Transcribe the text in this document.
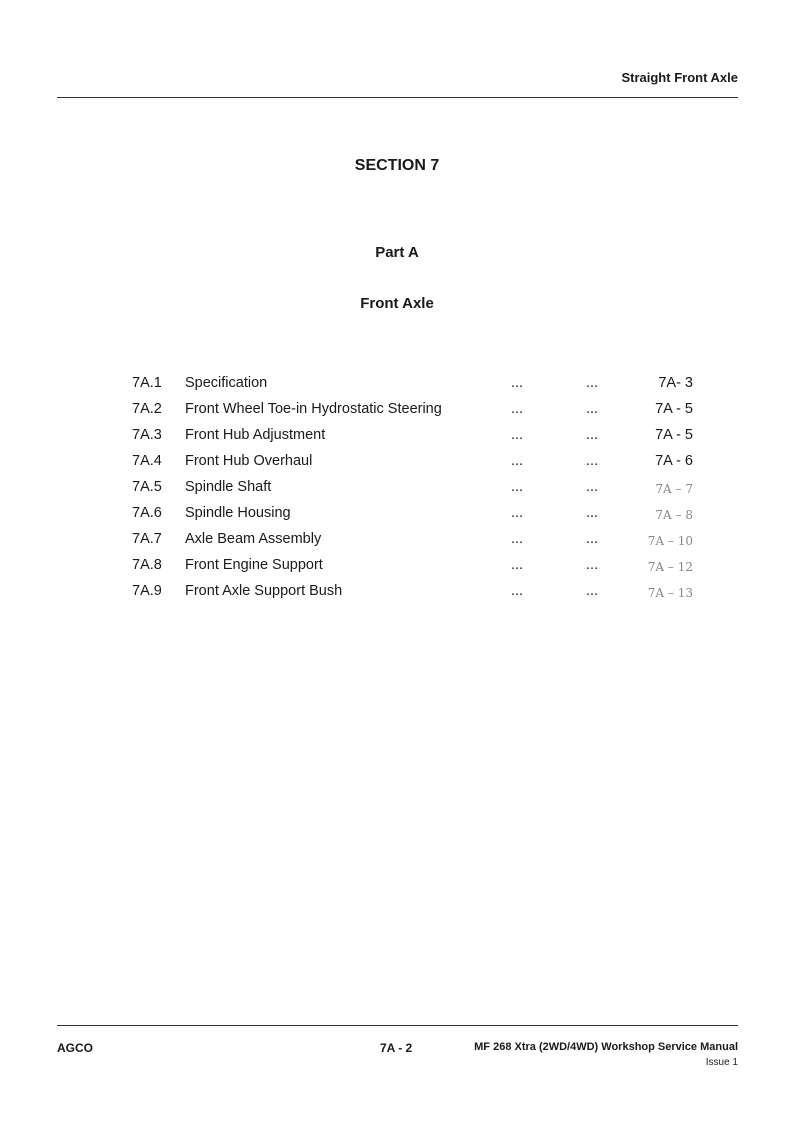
Straight Front Axle
SECTION 7
Part A
Front Axle
7A.1 Specification	...	...	7A- 3
7A.2 Front Wheel Toe-in Hydrostatic Steering	...	...	7A - 5
7A.3 Front Hub Adjustment	...	...	7A - 5
7A.4 Front Hub Overhaul	...	...	7A - 6
7A.5 Spindle Shaft	...	...	7A – 7
7A.6 Spindle Housing	...	...	7A – 8
7A.7 Axle Beam Assembly	...	...	7A – 10
7A.8 Front Engine Support	...	...	7A – 12
7A.9 Front Axle Support Bush	...	...	7A – 13
AGCO	7A - 2	MF 268 Xtra (2WD/4WD) Workshop Service Manual
Issue 1
